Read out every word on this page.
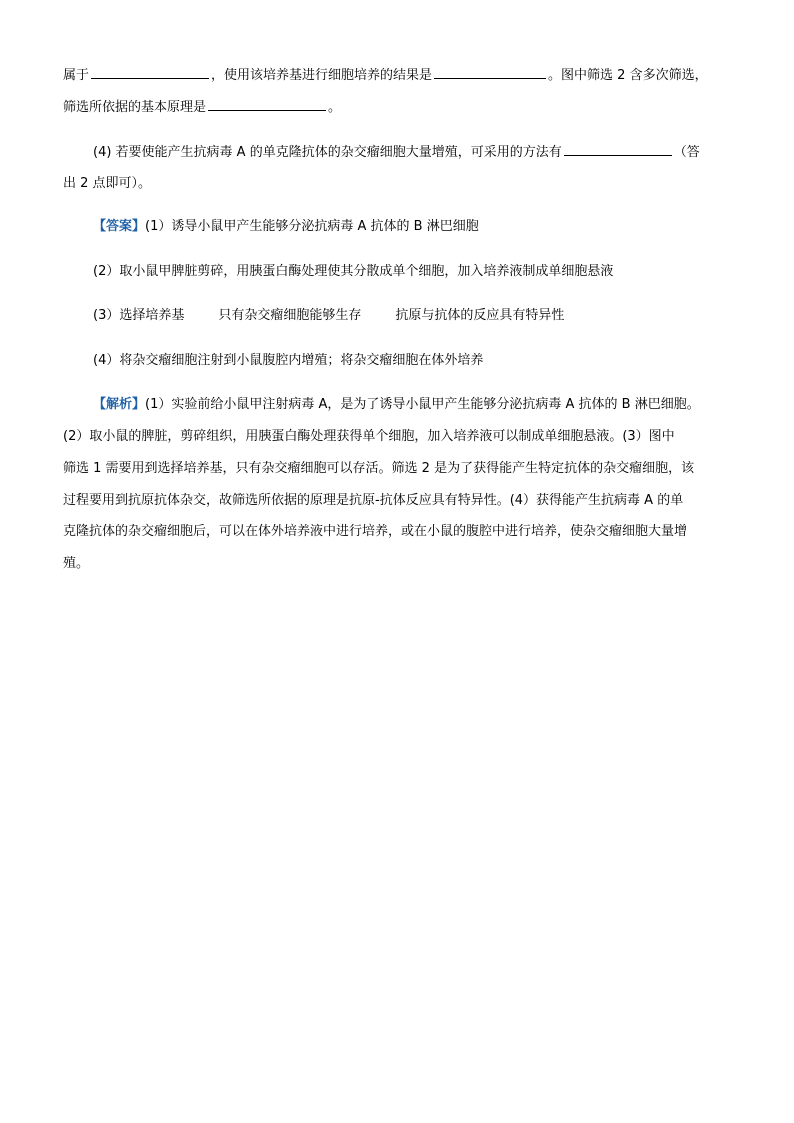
属于	，使用该培养基进行细胞培养的结果是	。图中筛选 2 含多次筛选，
筛选所依据的基本原理是	。
(4) 若要使能产生抗病毒 A 的单克隆抗体的杂交瘤细胞大量增殖，可采用的方法有	（答
出 2 点即可）。
【答案】(1）诱导小鼠甲产生能够分泌抗病毒 A 抗体的 B 淋巴细胞
(2）取小鼠甲脾脏剪碎，用胰蛋白酶处理使其分散成单个细胞，加入培养液制成单细胞悬液
(3）选择培养基	只有杂交瘤细胞能够生存	抗原与抗体的反应具有特异性
(4）将杂交瘤细胞注射到小鼠腹腔内增殖；将杂交瘤细胞在体外培养
【解析】(1）实验前给小鼠甲注射病毒 A，是为了诱导小鼠甲产生能够分泌抗病毒 A 抗体的 B 淋巴细胞。
(2）取小鼠的脾脏，剪碎组织，用胰蛋白酶处理获得单个细胞，加入培养液可以制成单细胞悬液。(3）图中
筛选 1 需要用到选择培养基，只有杂交瘤细胞可以存活。筛选 2 是为了获得能产生特定抗体的杂交瘤细胞，该
过程要用到抗原抗体杂交，故筛选所依据的原理是抗原-抗体反应具有特异性。(4）获得能产生抗病毒 A 的单
克隆抗体的杂交瘤细胞后，可以在体外培养液中进行培养，或在小鼠的腹腔中进行培养，使杂交瘤细胞大量增
殖。
